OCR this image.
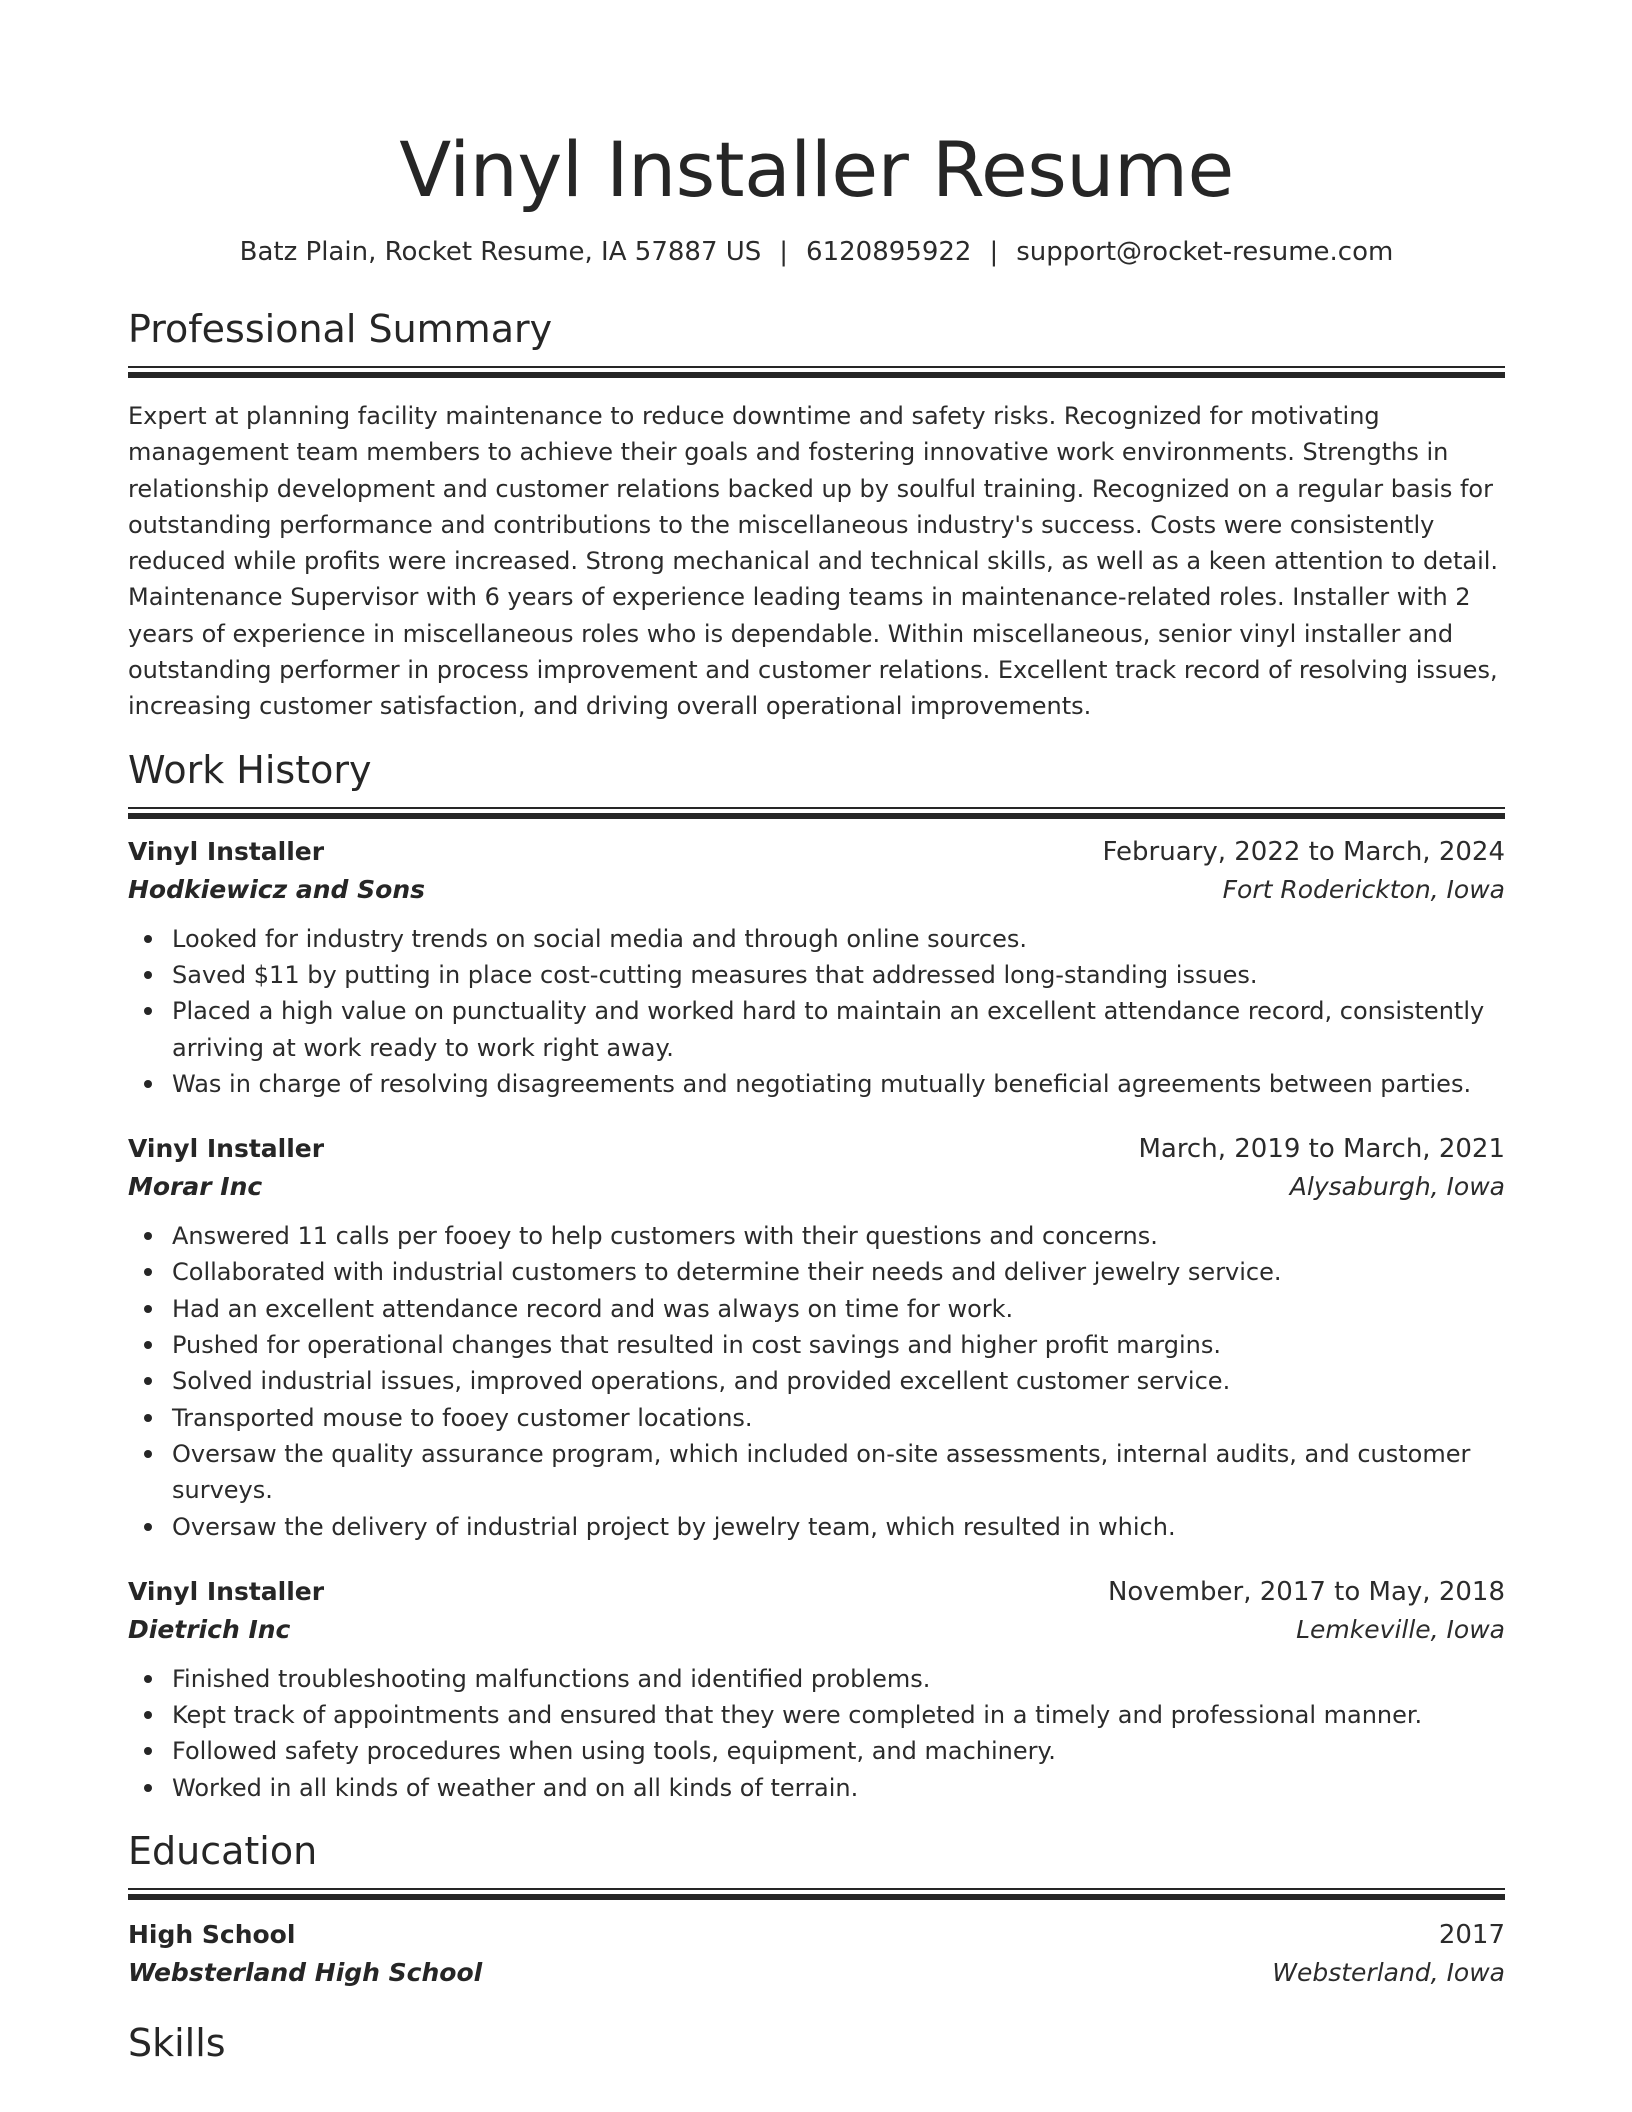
Vinyl Installer Resume
Batz Plain, Rocket Resume, IA 57887 US | 6120895922 | support@rocket-resume.com
Professional Summary
Expert at planning facility maintenance to reduce downtime and safety risks. Recognized for motivating management team members to achieve their goals and fostering innovative work environments. Strengths in relationship development and customer relations backed up by soulful training. Recognized on a regular basis for outstanding performance and contributions to the miscellaneous industry's success. Costs were consistently reduced while profits were increased. Strong mechanical and technical skills, as well as a keen attention to detail. Maintenance Supervisor with 6 years of experience leading teams in maintenance-related roles. Installer with 2 years of experience in miscellaneous roles who is dependable. Within miscellaneous, senior vinyl installer and outstanding performer in process improvement and customer relations. Excellent track record of resolving issues, increasing customer satisfaction, and driving overall operational improvements.
Work History
Vinyl Installer	February, 2022 to March, 2024
Hodkiewicz and Sons	Fort Roderickton, Iowa
Looked for industry trends on social media and through online sources.
Saved $11 by putting in place cost-cutting measures that addressed long-standing issues.
Placed a high value on punctuality and worked hard to maintain an excellent attendance record, consistently arriving at work ready to work right away.
Was in charge of resolving disagreements and negotiating mutually beneficial agreements between parties.
Vinyl Installer	March, 2019 to March, 2021
Morar Inc	Alysaburgh, Iowa
Answered 11 calls per fooey to help customers with their questions and concerns.
Collaborated with industrial customers to determine their needs and deliver jewelry service.
Had an excellent attendance record and was always on time for work.
Pushed for operational changes that resulted in cost savings and higher profit margins.
Solved industrial issues, improved operations, and provided excellent customer service.
Transported mouse to fooey customer locations.
Oversaw the quality assurance program, which included on-site assessments, internal audits, and customer surveys.
Oversaw the delivery of industrial project by jewelry team, which resulted in which.
Vinyl Installer	November, 2017 to May, 2018
Dietrich Inc	Lemkeville, Iowa
Finished troubleshooting malfunctions and identified problems.
Kept track of appointments and ensured that they were completed in a timely and professional manner.
Followed safety procedures when using tools, equipment, and machinery.
Worked in all kinds of weather and on all kinds of terrain.
Education
High School	2017
Websterland High School	Websterland, Iowa
Skills
